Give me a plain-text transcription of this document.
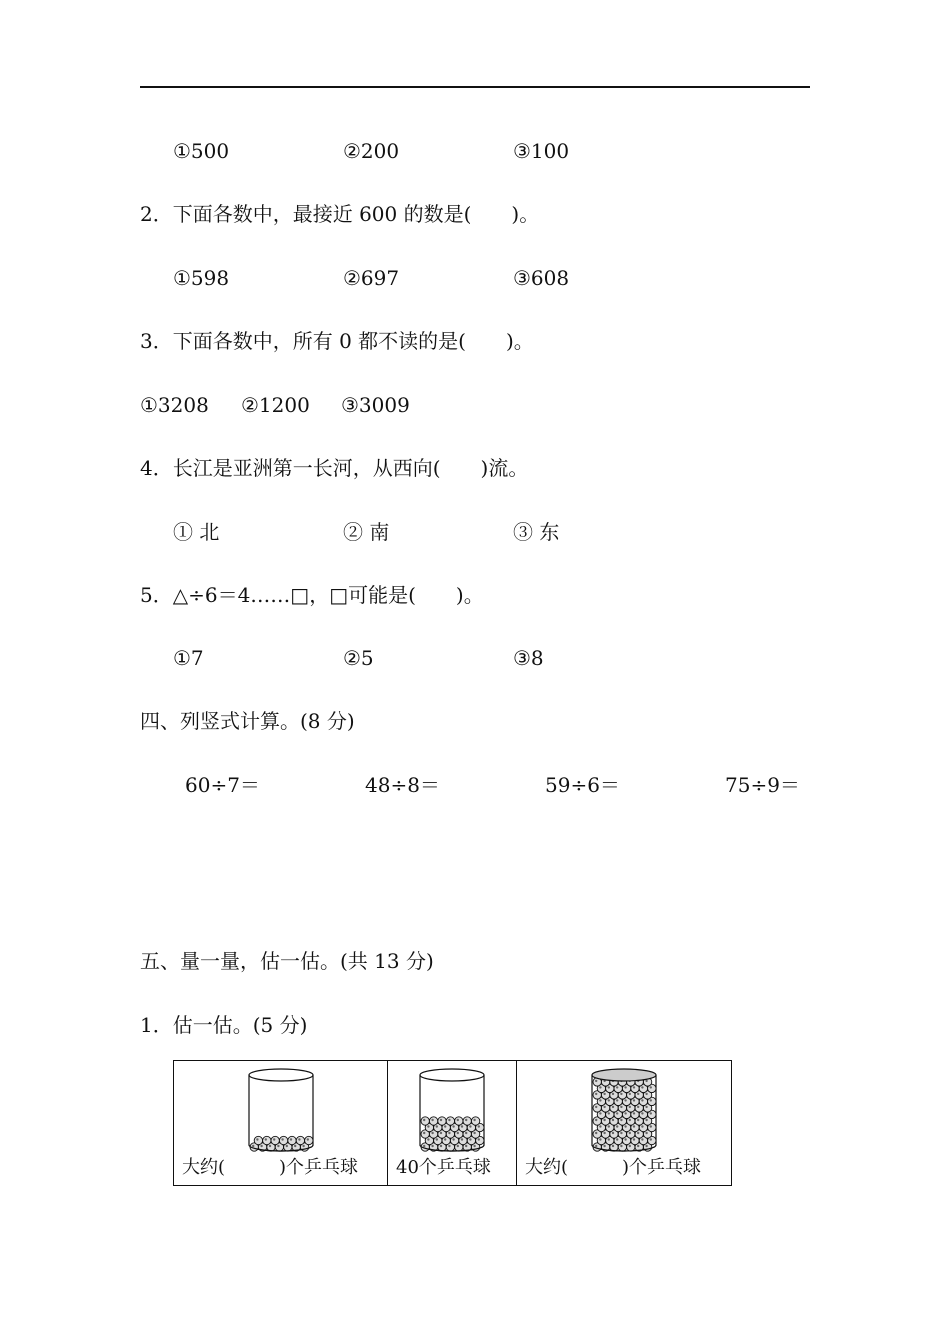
①500	②200	③100
2．下面各数中，最接近 600 的数是(　　)。
①598	②697	③608
3．下面各数中，所有 0 都不读的是(　　)。
①3208 ②1200 ③3009
4．长江是亚洲第一长河，从西向(　　)流。
① 北	② 南	③ 东
5．△÷6＝4……□，□可能是(　　)。
①7	②5	③8
四、列竖式计算。(8 分)
60÷7＝	48÷8＝	59÷6＝	75÷9＝
五、量一量，估一估。(共 13 分)
1．估一估。(5 分)
大约(　　　)个乒乓球	40个乒乓球	大约(　　　)个乒乓球
